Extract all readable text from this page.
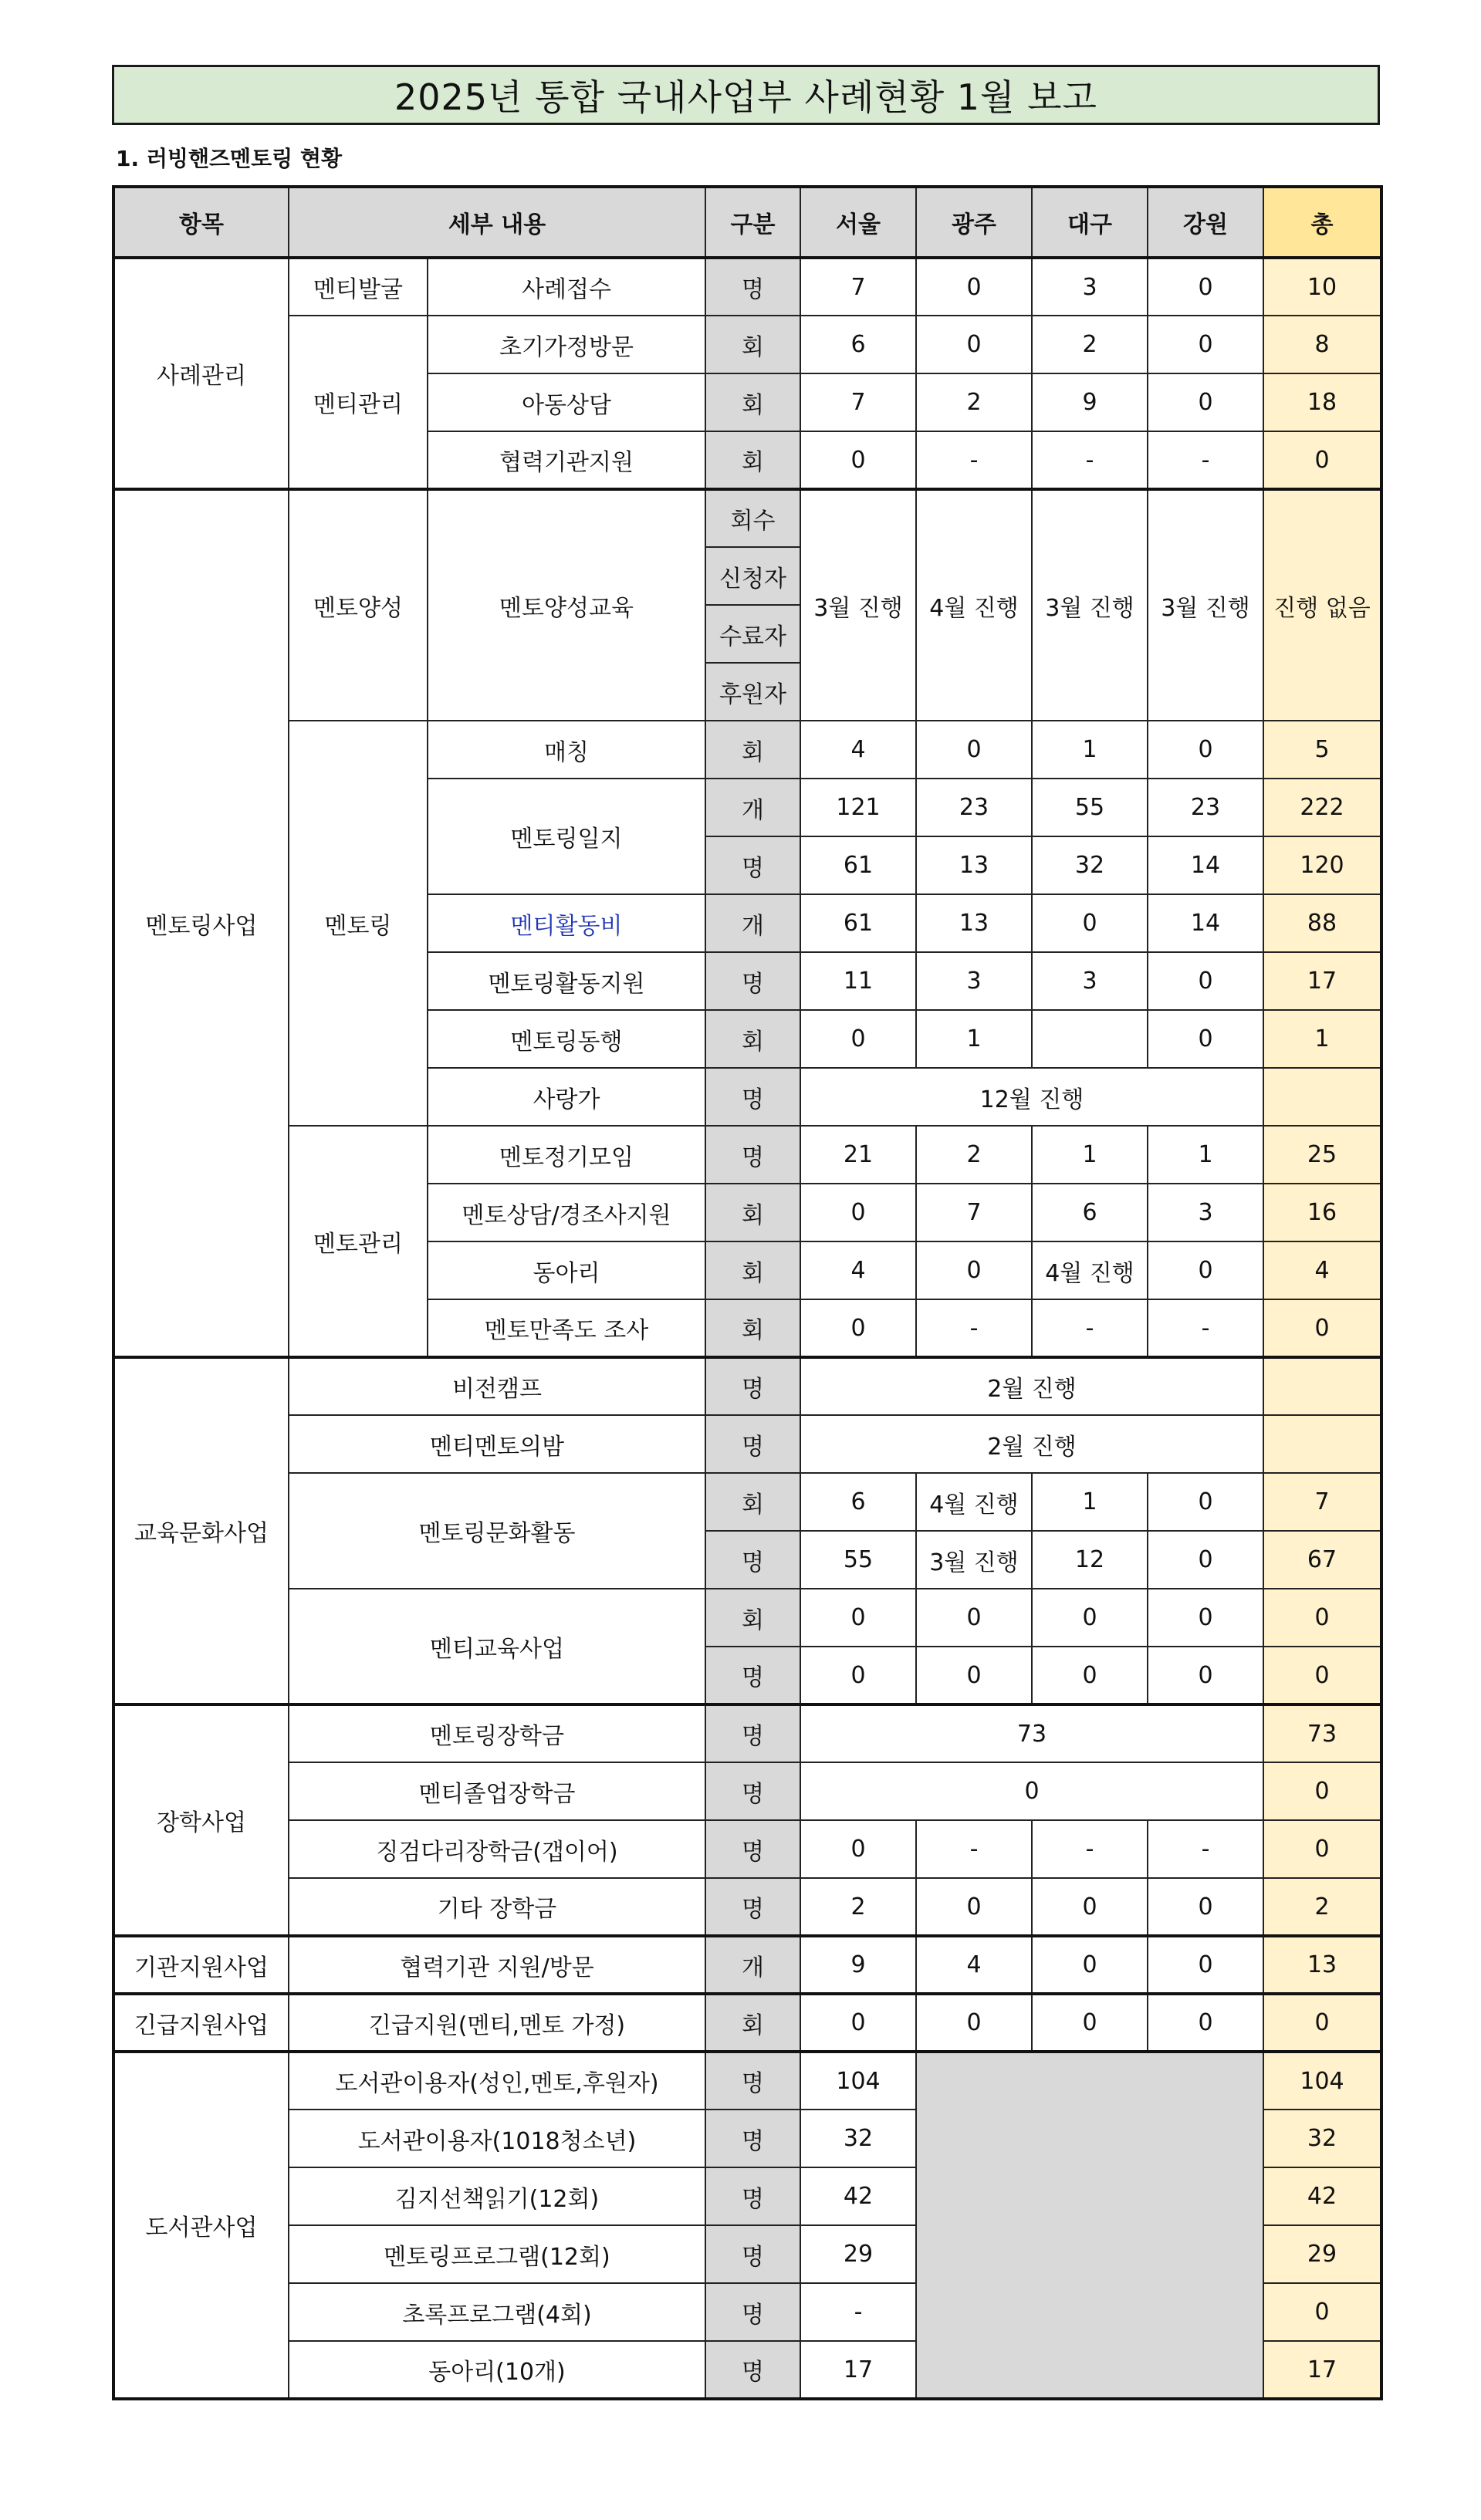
2025년 통합 국내사업부 사례현황 1월 보고
1. 러빙핸즈멘토링 현황
항목	세부 내용		구분	서울	광주	대구	강원	총
사례관리	멘티발굴	사례접수	명	7	0	3	0	10
	멘티관리	초기가정방문	회	6	0	2	0	8
		아동상담	회	7	2	9	0	18
		협력기관지원	회	0	-	-	-	0
멘토링사업	멘토양성	멘토양성교육	회수	3월 진행	4월 진행	3월 진행	3월 진행	진행 없음
			신청자					
			수료자					
			후원자					
	멘토링	매칭	회	4	0	1	0	5
		멘토링일지	개	121	23	55	23	222
			명	61	13	32	14	120
		멘티활동비	개	61	13	0	14	88
		멘토링활동지원	명	11	3	3	0	17
		멘토링동행	회	0	1		0	1
		사랑가	명	12월 진행				
	멘토관리	멘토정기모임	명	21	2	1	1	25
		멘토상담/경조사지원	회	0	7	6	3	16
		동아리	회	4	0	4월 진행	0	4
		멘토만족도 조사	회	0	-	-	-	0
교육문화사업	비전캠프		명	2월 진행				
	멘티멘토의밤		명	2월 진행				
	멘토링문화활동		회	6	4월 진행	1	0	7
			명	55	3월 진행	12	0	67
	멘티교육사업		회	0	0	0	0	0
			명	0	0	0	0	0
장학사업	멘토링장학금		명	73				73
	멘티졸업장학금		명	0				0
	징검다리장학금(갭이어)		명	0	-	-	-	0
	기타 장학금		명	2	0	0	0	2
기관지원사업	협력기관 지원/방문		개	9	4	0	0	13
긴급지원사업	긴급지원(멘티,멘토 가정)		회	0	0	0	0	0
도서관사업	도서관이용자(성인,멘토,후원자)		명	104				104
	도서관이용자(1018청소년)		명	32				32
	김지선책읽기(12회)		명	42				42
	멘토링프로그램(12회)		명	29				29
	초록프로그램(4회)		명	-				0
	동아리(10개)		명	17				17
